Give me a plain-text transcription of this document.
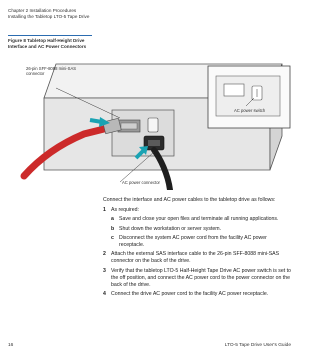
Chapter 2 Installation Procedures
Installing the Tabletop LTO-5 Tape Drive
Figure 8 Tabletop Half-Height Drive Interface and AC Power Connectors
26-pin SFF-8088 mini-SAS connector
AC power switch
AC power connector

Connect the interface and AC power cables to the tabletop drive as follows:

1 As required:
a Save and close your open files and terminate all running applications.
b Shut down the workstation or server system.
c Disconnect the system AC power cord from the facility AC power receptacle.
2 Attach the external SAS interface cable to the 26-pin SFF-8088 mini-SAS connector on the back of the drive.
3 Verify that the tabletop LTO-5 Half-Height Tape Drive AC power switch is set to the off position, and connect the AC power cord to the power connector on the back of the drive.
4 Connect the drive AC power cord to the facility AC power receptacle.
16	LTO-5 Tape Drive User's Guide
